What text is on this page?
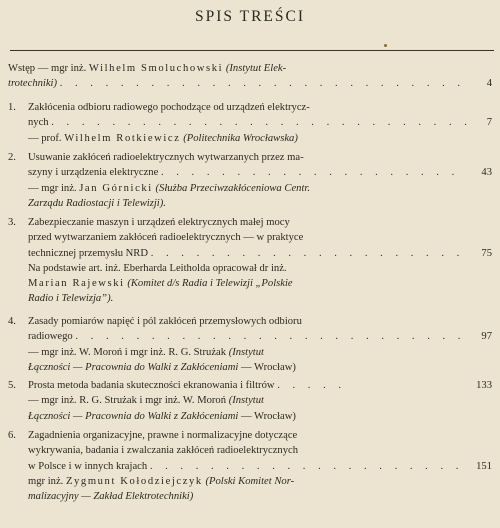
SPIS TREŚCI
Wstęp — mgr inż. Wilhelm Smoluchowski (Instytut Elek-
trotechniki) . . . . . . . . . . . . . . . . . . . . . . . . . . . 4
1. Zakłócenia odbioru radiowego pochodzące od urządzeń elektrycz-
nych . . . . . . . . . . . . . . . . . . . . . . . . . . . . 7
— prof. Wilhelm Rotkiewicz (Politechnika Wrocławska)
2. Usuwanie zakłóceń radioelektrycznych wytwarzanych przez ma-
szyny i urządzenia elektryczne . . . . . . . . . . . . . . . . . . . . 43
— mgr inż. Jan Górnicki (Służba Przeciwzakłóceniowa Centr.
Zarządu Radiostacji i Telewizji).
3. Zabezpieczanie maszyn i urządzeń elektrycznych małej mocy
przed wytwarzaniem zakłóceń radioelektrycznych — w praktyce
technicznej przemysłu NRD . . . . . . . . . . . . . . . . . . . . . 75
Na podstawie art. inż. Eberharda Leitholda opracował dr inż.
Marian Rajewski (Komitet d/s Radia i Telewizji „Polskie
Radio i Telewizja”).
4. Zasady pomiarów napięć i pól zakłóceń przemysłowych odbioru
radiowego . . . . . . . . . . . . . . . . . . . . . . . . . . 97
— mgr inż. W. Moroń i mgr inż. R. G. Strużak (Instytut
Łączności — Pracownia do Walki z Zakłóceniami — Wrocław)
5. Prosta metoda badania skuteczności ekranowania i filtrów . . . . .	133
— mgr inż. R. G. Strużak i mgr inż. W. Moroń (Instytut
Łączności — Pracownia do Walki z Zakłóceniami — Wrocław)
6. Zagadnienia organizacyjne, prawne i normalizacyjne dotyczące
wykrywania, badania i zwalczania zakłóceń radioelektrycznych
w Polsce i w innych krajach . . . . . . . . . . . . . . . . . . . . . 151
mgr inż. Zygmunt Kołodziejczyk (Polski Komitet Nor-
malizacyjny — Zakład Elektrotechniki)
